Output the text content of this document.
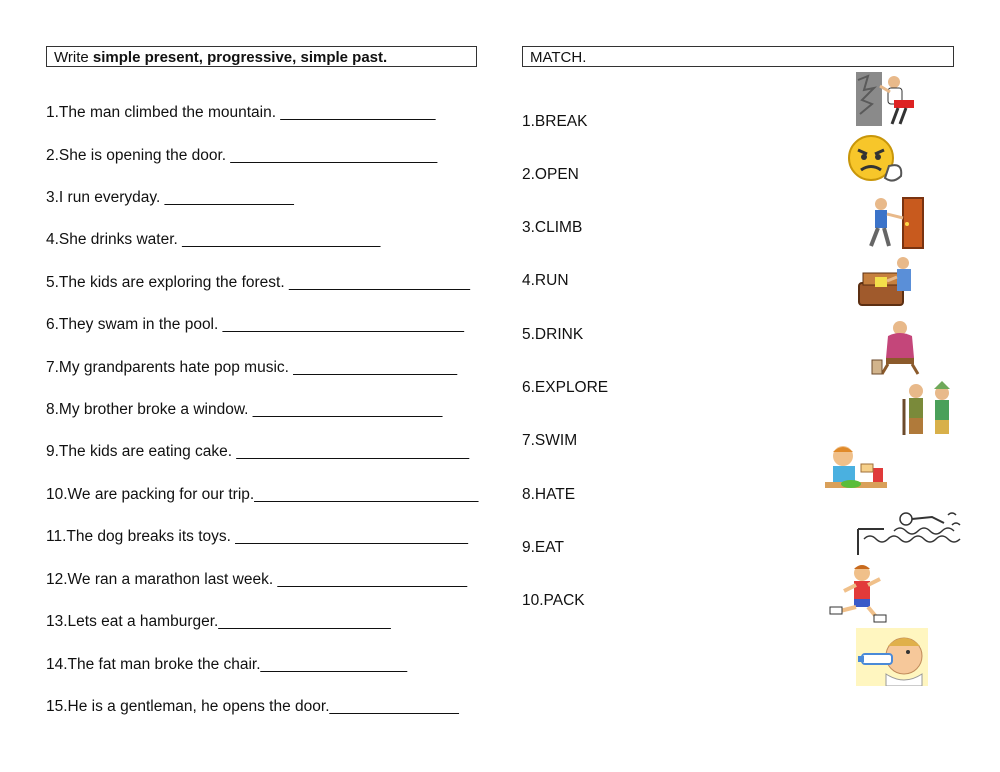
Write simple present, progressive, simple past.	MATCH.
1.The man climbed the mountain. __________________
2.She is opening the door. ________________________
3.I run everyday. _______________
4.She drinks water. _______________________
5.The kids are exploring the forest. _____________________
6.They swam in the pool. ____________________________
7.My grandparents hate pop music. ___________________
8.My brother broke a window. ______________________
9.The kids are eating cake. ___________________________
10.We are packing for our trip.__________________________
11.The dog breaks its toys. ___________________________
12.We ran a marathon last week. ______________________
13.Lets eat a hamburger.____________________
14.The fat man broke the chair._________________
15.He is a gentleman, he opens the door._______________
1.BREAK
2.OPEN
3.CLIMB
4.RUN
5.DRINK
6.EXPLORE
7.SWIM
8.HATE
9.EAT
10.PACK
